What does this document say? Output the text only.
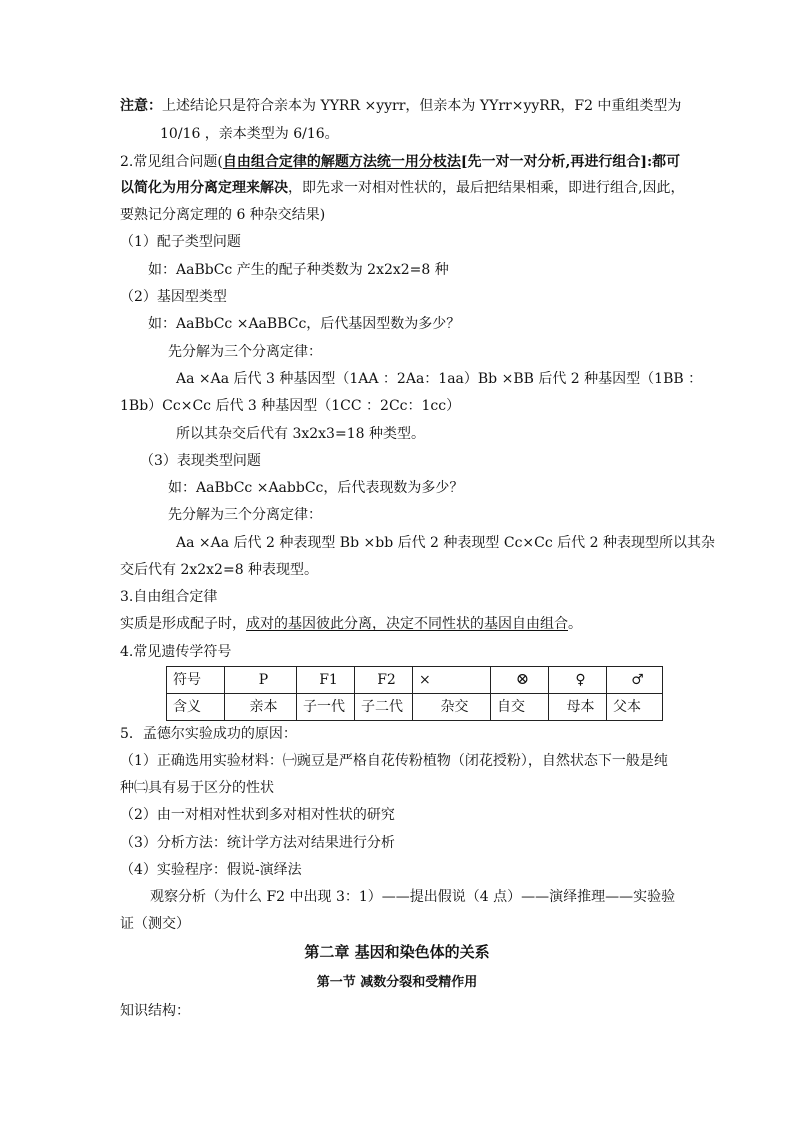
注意：上述结论只是符合亲本为 YYRR ×yyrr，但亲本为 YYrr×yyRR，F2 中重组类型为
10/16 ，亲本类型为 6/16。
2.常见组合问题(自由组合定律的解题方法统一用分枝法[先一对一对分析,再进行组合]:都可
以简化为用分离定理来解决，即先求一对相对性状的，最后把结果相乘，即进行组合,因此，
要熟记分离定理的 6 种杂交结果)
（1）配子类型问题
如：AaBbCc 产生的配子种类数为 2x2x2=8 种
（2）基因型类型
如：AaBbCc ×AaBBCc，后代基因型数为多少？
先分解为三个分离定律：
Aa ×Aa 后代 3 种基因型（1AA ：2Aa：1aa）Bb ×BB 后代 2 种基因型（1BB ：
1Bb）Cc×Cc 后代 3 种基因型（1CC ：2Cc：1cc）
所以其杂交后代有 3x2x3=18 种类型。
（3）表现类型问题
如：AaBbCc ×AabbCc，后代表现数为多少？
先分解为三个分离定律：
Aa ×Aa 后代 2 种表现型 Bb ×bb 后代 2 种表现型 Cc×Cc 后代 2 种表现型所以其杂
交后代有 2x2x2=8 种表现型。
3.自由组合定律
实质是形成配子时，成对的基因彼此分离，决定不同性状的基因自由组合。
4.常见遗传学符号
符号	P	F1	F2	×	⊗	♀	♂
含义	亲本	子一代	子二代	杂交	自交	母本	父本
5．孟德尔实验成功的原因：
（1）正确选用实验材料：㈠豌豆是严格自花传粉植物（闭花授粉），自然状态下一般是纯
种㈡具有易于区分的性状
（2）由一对相对性状到多对相对性状的研究
（3）分析方法：统计学方法对结果进行分析
（4）实验程序：假说-演绎法
观察分析（为什么 F2 中出现 3：1）——提出假说（4 点）——演绎推理——实验验
证（测交）
第二章 基因和染色体的关系
第一节 减数分裂和受精作用
知识结构：
